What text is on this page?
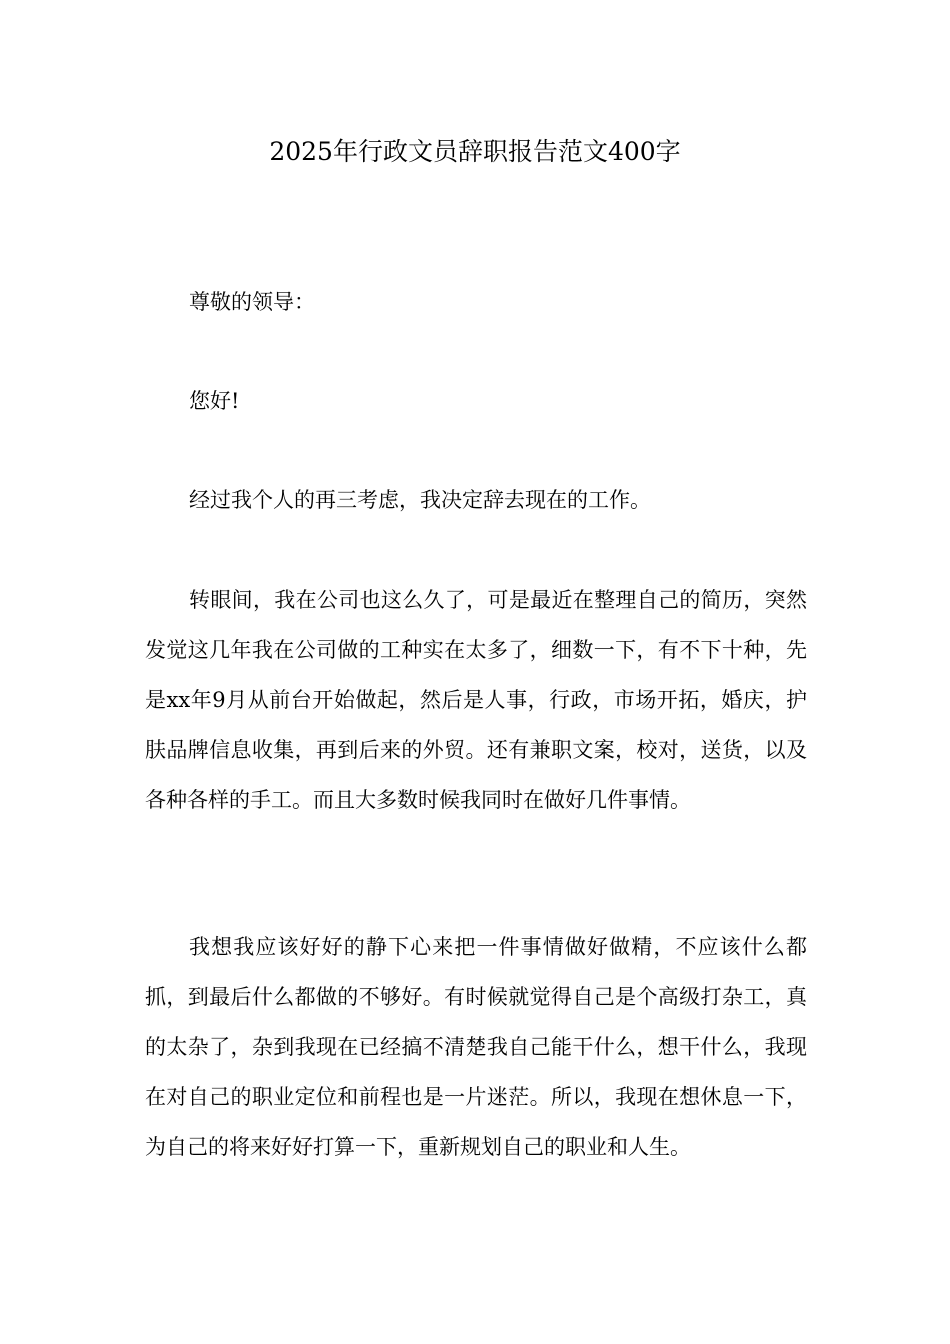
2025年行政文员辞职报告范文400字

尊敬的领导：

您好!

经过我个人的再三考虑，我决定辞去现在的工作。

转眼间，我在公司也这么久了，可是最近在整理自己的简历，突然发觉这几年我在公司做的工种实在太多了，细数一下，有不下十种，先是xx年9月从前台开始做起，然后是人事，行政，市场开拓，婚庆，护肤品牌信息收集，再到后来的外贸。还有兼职文案，校对，送货，以及各种各样的手工。而且大多数时候我同时在做好几件事情。

我想我应该好好的静下心来把一件事情做好做精，不应该什么都抓，到最后什么都做的不够好。有时候就觉得自己是个高级打杂工，真的太杂了，杂到我现在已经搞不清楚我自己能干什么，想干什么，我现在对自己的职业定位和前程也是一片迷茫。所以，我现在想休息一下，为自己的将来好好打算一下，重新规划自己的职业和人生。
